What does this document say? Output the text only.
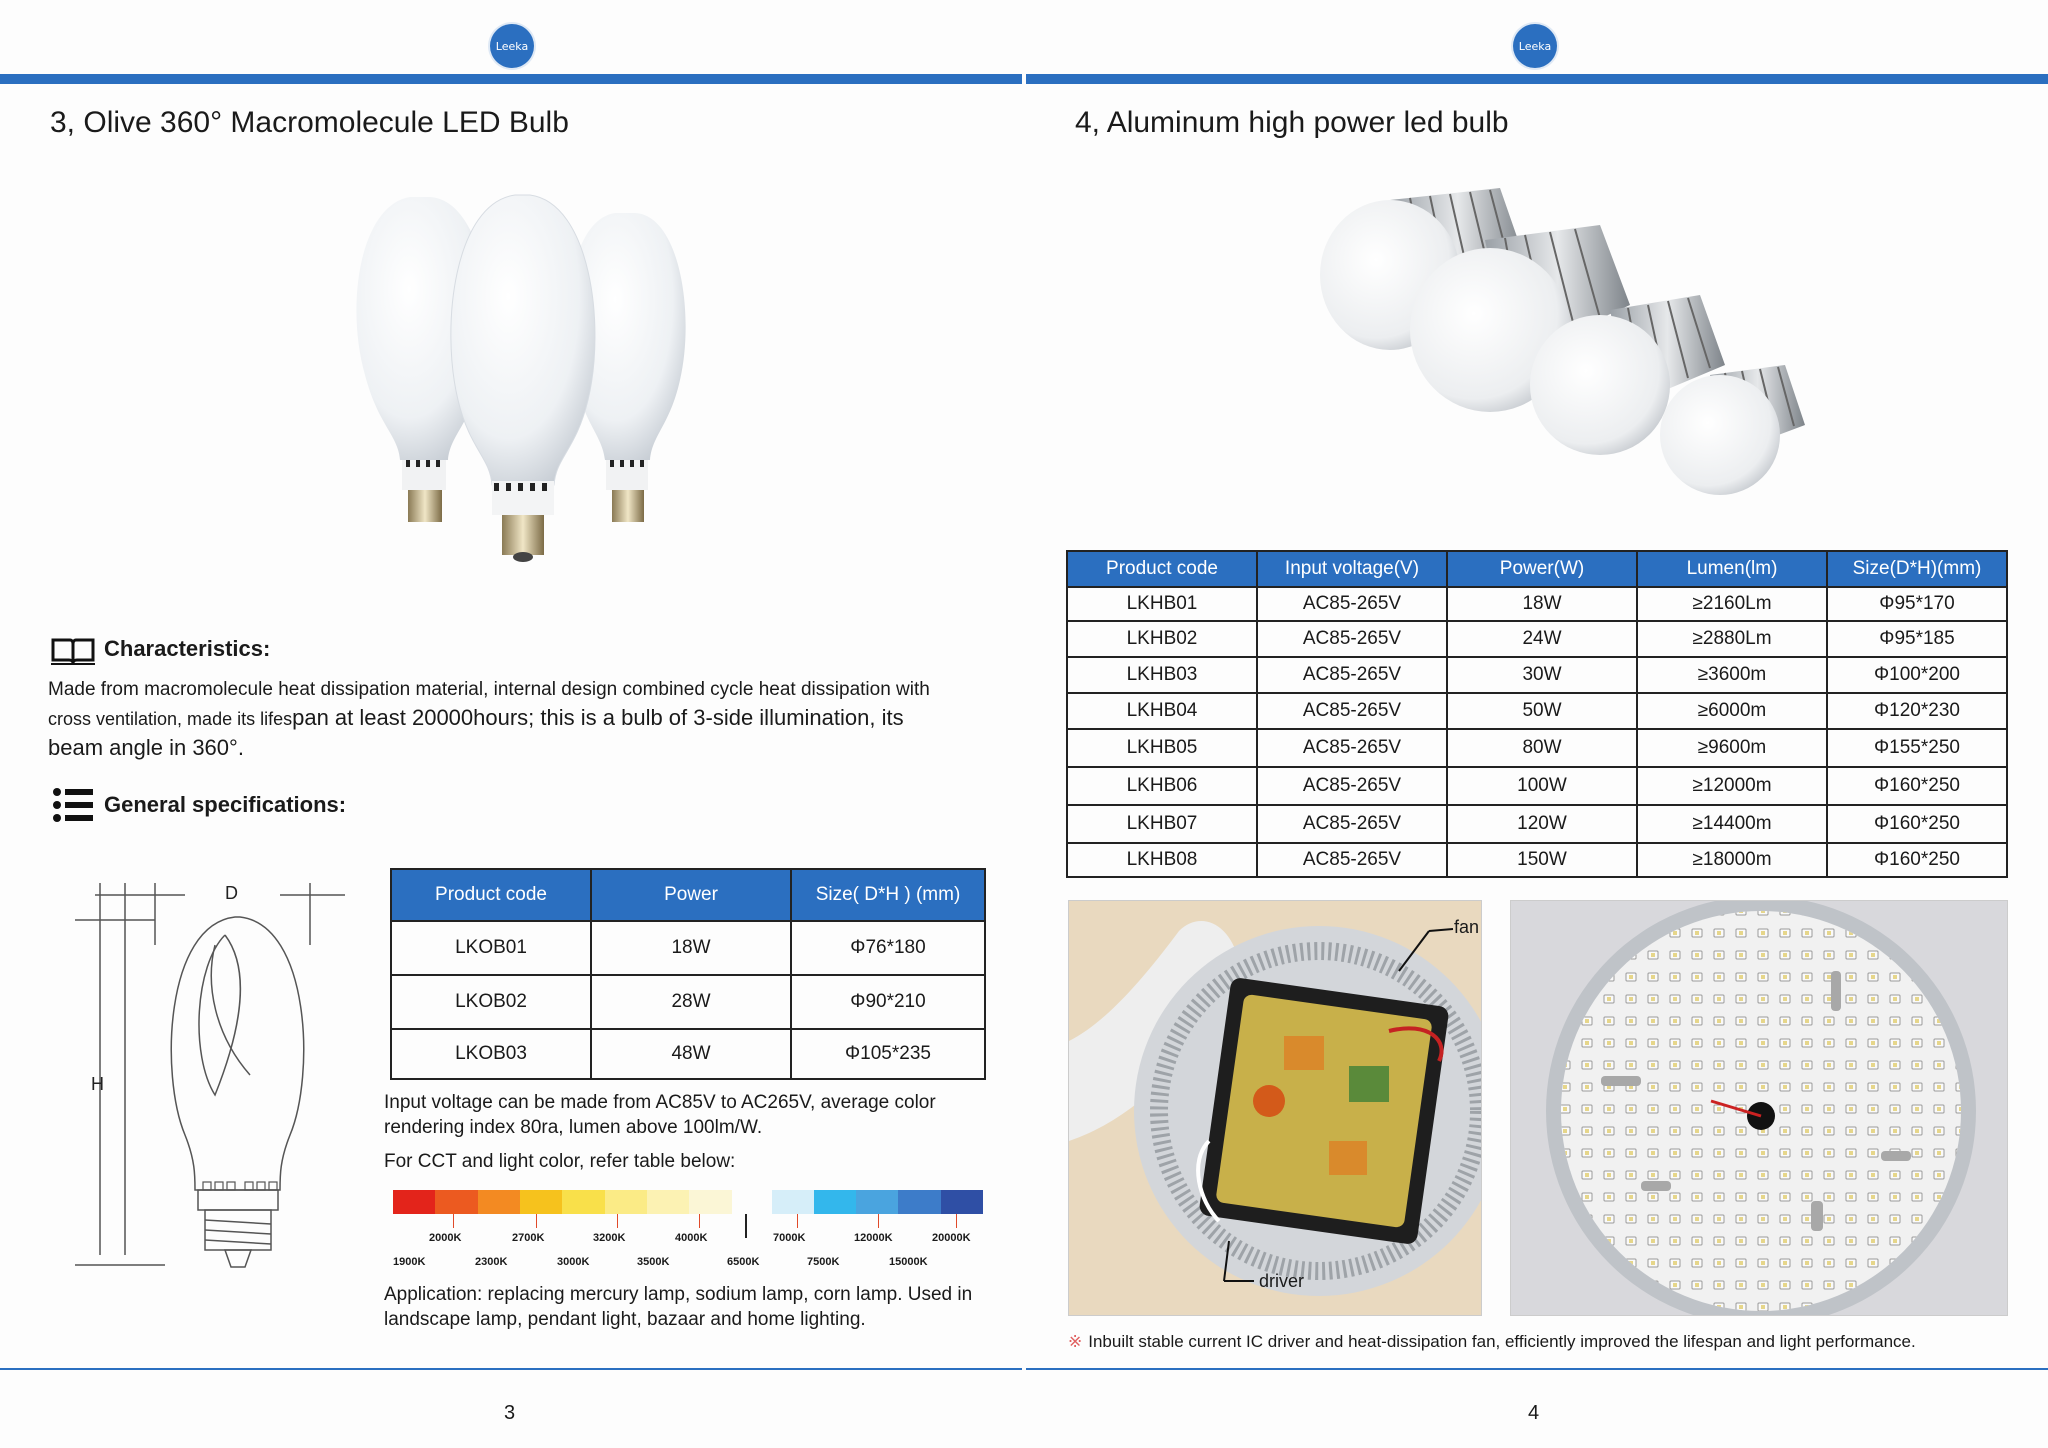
Leeka
3, Olive 360° Macromolecule LED Bulb
Characteristics:
Made from macromolecule heat dissipation material, internal design combined cycle heat dissipation with
cross ventilation, made its lifespan at least 20000hours; this is a bulb of 3-side illumination, its
beam angle in 360°.
General specifications:
D
H
Product code	Power	Size( D*H ) (mm)
LKOB01	18W	Φ76*180
LKOB02	28W	Φ90*210
LKOB03	48W	Φ105*235
Input voltage can be made from AC85V to AC265V, average color
rendering index 80ra, lumen above 100lm/W.
For CCT and light color, refer table below:
2000K	2700K	3200K	4000K	7000K	12000K	20000K
1900K	2300K	3000K	3500K	6500K	7500K	15000K
Application: replacing mercury lamp, sodium lamp, corn lamp. Used in
landscape lamp, pendant light, bazaar and home lighting.
3
Leeka
4, Aluminum high power led bulb
Product code	Input voltage(V)	Power(W)	Lumen(lm)	Size(D*H)(mm)
LKHB01	AC85-265V	18W	≥2160Lm	Φ95*170
LKHB02	AC85-265V	24W	≥2880Lm	Φ95*185
LKHB03	AC85-265V	30W	≥3600m	Φ100*200
LKHB04	AC85-265V	50W	≥6000m	Φ120*230
LKHB05	AC85-265V	80W	≥9600m	Φ155*250
LKHB06	AC85-265V	100W	≥12000m	Φ160*250
LKHB07	AC85-265V	120W	≥14400m	Φ160*250
LKHB08	AC85-265V	150W	≥18000m	Φ160*250
fan
driver
※ Inbuilt stable current IC driver and heat-dissipation fan, efficiently improved the lifespan and light performance.
4
